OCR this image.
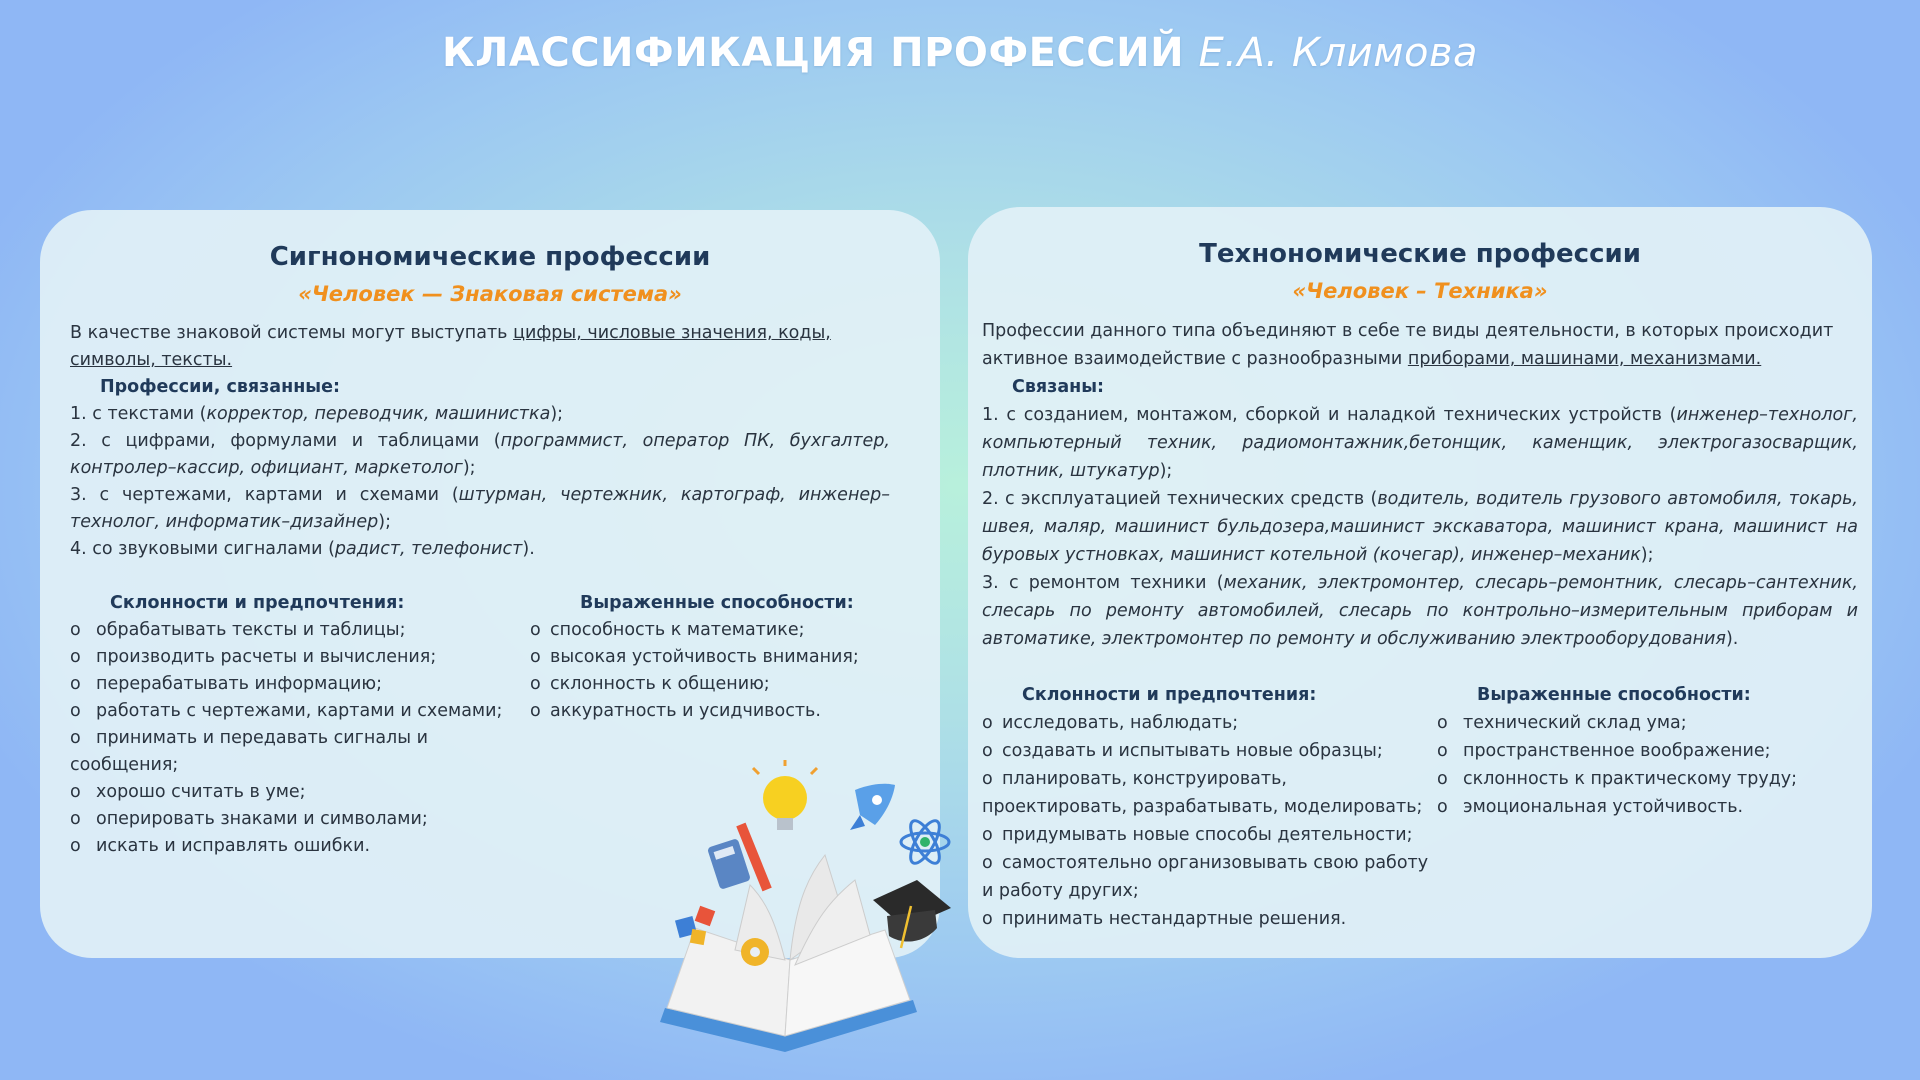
КЛАССИФИКАЦИЯ ПРОФЕССИЙ Е.А. Климова
Сигнономические профессии
«Человек — Знаковая система»
В качестве знаковой системы могут выступать цифры, числовые значения, коды, символы, тексты.
Профессии, связанные:
1. с текстами (корректор, переводчик, машинистка);
2. с цифрами, формулами и таблицами (программист, оператор ПК, бухгалтер, контролер–кассир, официант, маркетолог);
3. с чертежами, картами и схемами (штурман, чертежник, картограф, инженер–технолог, информатик–дизайнер);
4. со звуковыми сигналами (радист, телефонист).
Склонности и предпочтения:
o обрабатывать тексты и таблицы;
o производить расчеты и вычисления;
o перерабатывать информацию;
o работать с чертежами, картами и схемами;
o принимать и передавать сигналы и сообщения;
o хорошо считать в уме;
o оперировать знаками и символами;
o искать и исправлять ошибки.
Выраженные способности:
o способность к математике;
o высокая устойчивость внимания;
o склонность к общению;
o аккуратность и усидчивость.
Технономические профессии
«Человек – Техника»
Профессии данного типа объединяют в себе те виды деятельности, в которых происходит активное взаимодействие с разнообразными приборами, машинами, механизмами.
Связаны:
1. с созданием, монтажом, сборкой и наладкой технических устройств (инженер–технолог, компьютерный техник, радиомонтажник,бетонщик, каменщик, электрогазосварщик, плотник, штукатур);
2. с эксплуатацией технических средств (водитель, водитель грузового автомобиля, токарь, швея, маляр, машинист бульдозера,машинист экскаватора, машинист крана, машинист на буровых устновках, машинист котельной (кочегар), инженер–механик);
3. с ремонтом техники (механик, электромонтер, слесарь–ремонтник, слесарь–сантехник, слесарь по ремонту автомобилей, слесарь по контрольно–измерительным приборам и автоматике, электромонтер по ремонту и обслуживанию электрооборудования).
Склонности и предпочтения:
o исследовать, наблюдать;
o создавать и испытывать новые образцы;
o планировать, конструировать, проектировать, разрабатывать, моделировать;
o придумывать новые способы деятельности;
o самостоятельно организовывать свою работу и работу других;
o принимать нестандартные решения.
Выраженные способности:
o технический склад ума;
o пространственное воображение;
o склонность к практическому труду;
o эмоциональная устойчивость.
